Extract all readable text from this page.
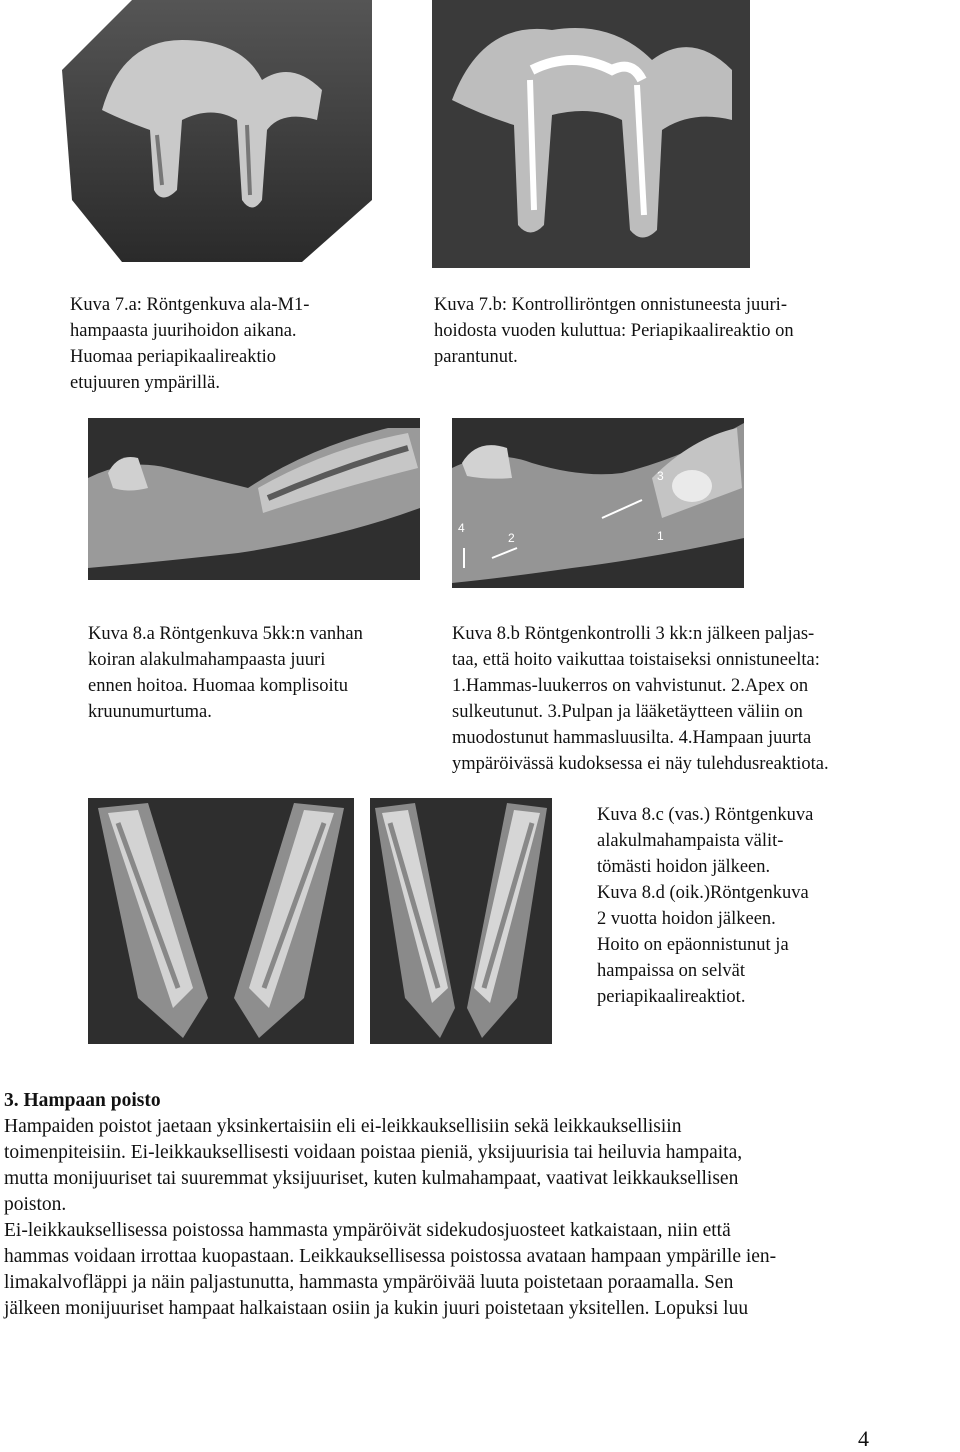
Kuva 7.a: Röntgenkuva ala-M1-
hampaasta juurihoidon aikana.
Huomaa periapikaalireaktio
etujuuren ympärillä.
Kuva 7.b: Kontrolliröntgen onnistuneesta juuri-
hoidosta vuoden kuluttua: Periapikaalireaktio on
parantunut.
3
1
2
4
Kuva 8.a Röntgenkuva 5kk:n vanhan
koiran alakulmahampaasta juuri
ennen hoitoa. Huomaa komplisoitu
kruunumurtuma.
Kuva 8.b Röntgenkontrolli 3 kk:n jälkeen paljas-
taa, että hoito vaikuttaa toistaiseksi onnistuneelta:
1.Hammas-luukerros on vahvistunut. 2.Apex on
sulkeutunut. 3.Pulpan ja lääketäytteen väliin on
muodostunut hammasluusilta. 4.Hampaan juurta
ympäröivässä kudoksessa ei näy tulehdusreaktiota.
Kuva 8.c (vas.) Röntgenkuva
alakulmahampaista välit-
tömästi hoidon jälkeen.
Kuva 8.d (oik.)Röntgenkuva
2 vuotta hoidon jälkeen.
Hoito on epäonnistunut ja
hampaissa on selvät
periapikaalireaktiot.
3. Hampaan poisto
Hampaiden poistot jaetaan yksinkertaisiin eli ei-leikkauksellisiin sekä leikkauksellisiin
toimenpiteisiin. Ei-leikkauksellisesti voidaan poistaa pieniä, yksijuurisia tai heiluvia hampaita,
mutta monijuuriset tai suuremmat yksijuuriset, kuten kulmahampaat, vaativat leikkauksellisen
poiston.
Ei-leikkauksellisessa poistossa hammasta ympäröivät sidekudosjuosteet katkaistaan, niin että
hammas voidaan irrottaa kuopastaan. Leikkauksellisessa poistossa avataan hampaan ympärille ien-
limakalvofläppi ja näin paljastunutta, hammasta ympäröivää luuta poistetaan poraamalla. Sen
jälkeen monijuuriset hampaat halkaistaan osiin ja kukin juuri poistetaan yksitellen. Lopuksi luu
4
